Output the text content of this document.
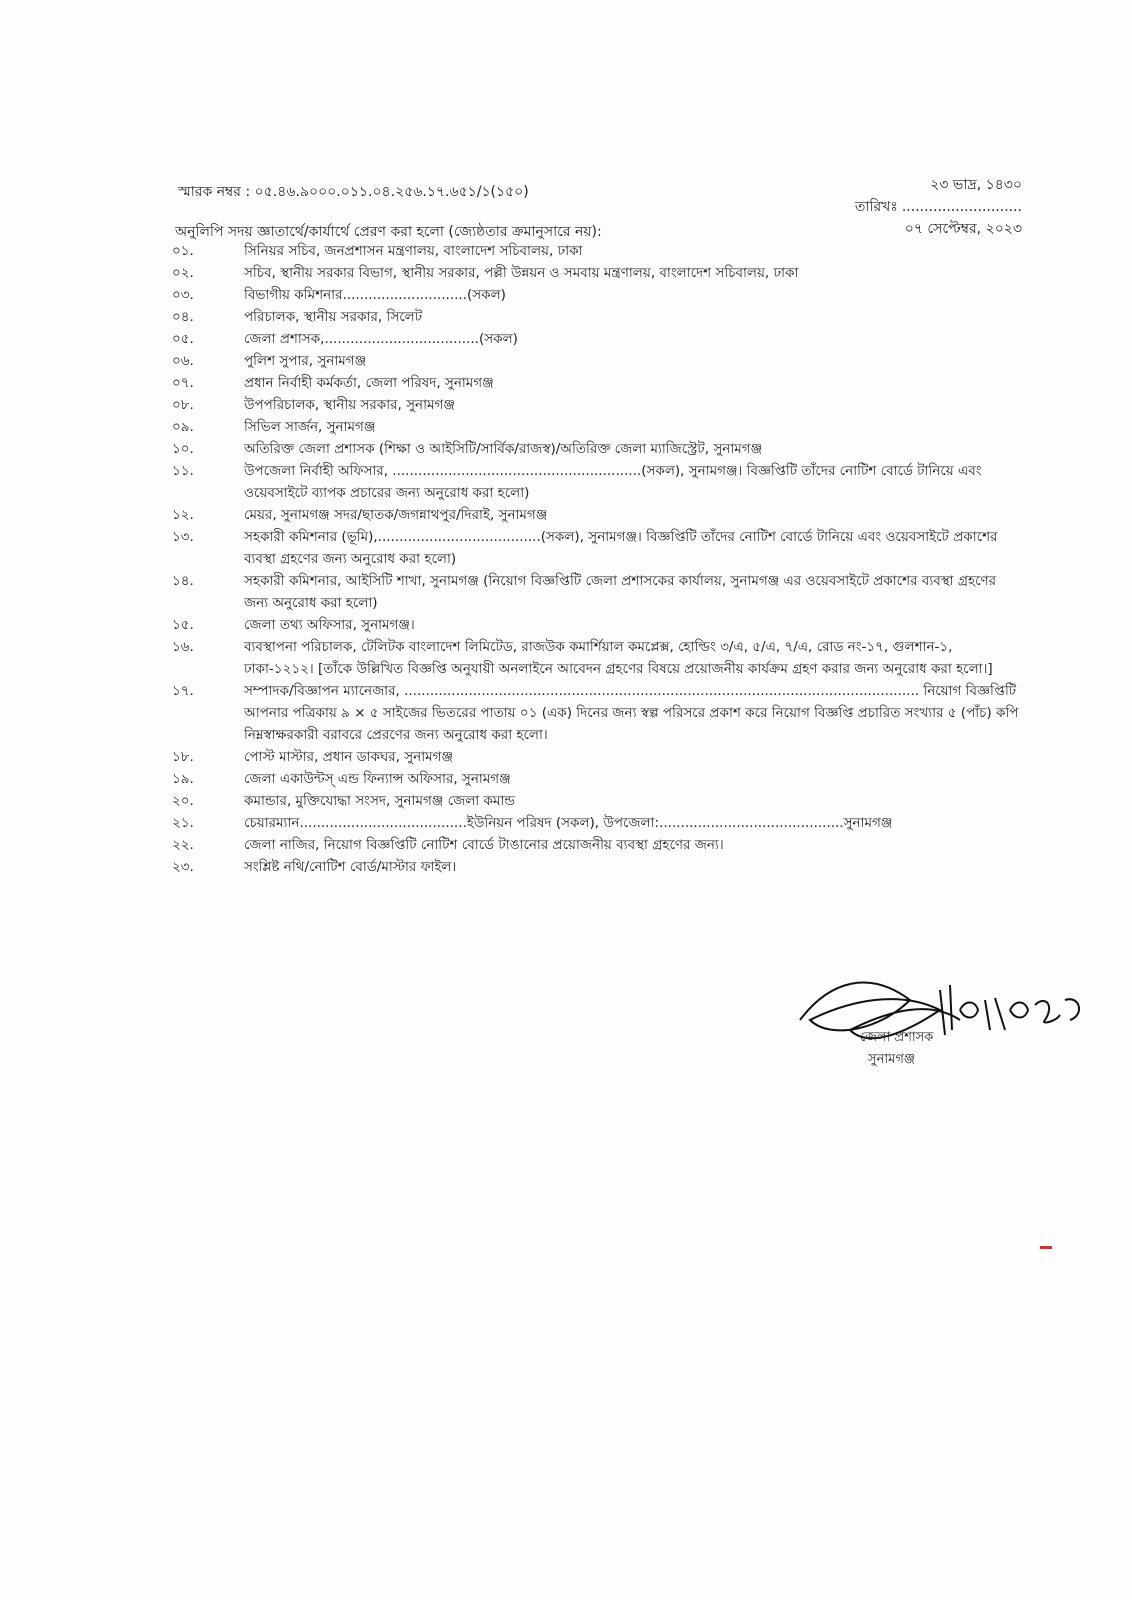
স্মারক নম্বর : ০৫.৪৬.৯০০০.০১১.০৪.২৫৬.১৭.৬৫১/১(১৫০)	২৩ ভাদ্র, ১৪৩০
তারিখঃ ...........................
০৭ সেপ্টেম্বর, ২০২৩
অনুলিপি সদয় জ্ঞাতার্থে/কার্যার্থে প্রেরণ করা হলো (জ্যেষ্ঠতার ক্রমানুসারে নয়):
০১.	সিনিয়র সচিব, জনপ্রশাসন মন্ত্রণালয়, বাংলাদেশ সচিবালয়, ঢাকা
০২.	সচিব, স্থানীয় সরকার বিভাগ, স্থানীয় সরকার, পল্লী উন্নয়ন ও সমবায় মন্ত্রণালয়, বাংলাদেশ সচিবালয়, ঢাকা
০৩.	বিভাগীয় কমিশনার.............................(সকল)
০৪.	পরিচালক, স্থানীয় সরকার, সিলেট
০৫.	জেলা প্রশাসক,....................................(সকল)
০৬.	পুলিশ সুপার, সুনামগঞ্জ
০৭.	প্রধান নির্বাহী কর্মকর্তা, জেলা পরিষদ, সুনামগঞ্জ
০৮.	উপপরিচালক, স্থানীয় সরকার, সুনামগঞ্জ
০৯.	সিভিল সার্জন, সুনামগঞ্জ
১০.	অতিরিক্ত জেলা প্রশাসক (শিক্ষা ও আইসিটি/সার্বিক/রাজস্ব)/অতিরিক্ত জেলা ম্যাজিস্ট্রেট, সুনামগঞ্জ
১১.	উপজেলা নির্বাহী অফিসার, ..........................................................(সকল), সুনামগঞ্জ। বিজ্ঞপ্তিটি তাঁদের নোটিশ বোর্ডে টানিয়ে এবং ওয়েবসাইটে ব্যাপক প্রচারের জন্য অনুরোধ করা হলো)
১২.	মেয়র, সুনামগঞ্জ সদর/ছাতক/জগন্নাথপুর/দিরাই, সুনামগঞ্জ
১৩.	সহকারী কমিশনার (ভূমি),......................................(সকল), সুনামগঞ্জ। বিজ্ঞপ্তিটি তাঁদের নোটিশ বোর্ডে টানিয়ে এবং ওয়েবসাইটে প্রকাশের ব্যবস্থা গ্রহণের জন্য অনুরোধ করা হলো)
১৪.	সহকারী কমিশনার, আইসিটি শাখা, সুনামগঞ্জ (নিয়োগ বিজ্ঞপ্তিটি জেলা প্রশাসকের কার্যালয়, সুনামগঞ্জ এর ওয়েবসাইটে প্রকাশের ব্যবস্থা গ্রহণের জন্য অনুরোধ করা হলো)
১৫.	জেলা তথ্য অফিসার, সুনামগঞ্জ।
১৬.	ব্যবস্থাপনা পরিচালক, টেলিটক বাংলাদেশ লিমিটেড, রাজউক কমার্শিয়াল কমপ্লেক্স, হোল্ডিং ৩/এ, ৫/এ, ৭/এ, রোড নং-১৭, গুলশান-১, ঢাকা-১২১২। [তাঁকে উল্লিখিত বিজ্ঞপ্তি অনুযায়ী অনলাইনে আবেদন গ্রহণের বিষয়ে প্রয়োজনীয় কার্যক্রম গ্রহণ করার জন্য অনুরোধ করা হলো।]
১৭.	সম্পাদক/বিজ্ঞাপন ম্যানেজার, ........................................................................................................................ নিয়োগ বিজ্ঞপ্তিটি আপনার পত্রিকায় ৯ × ৫ সাইজের ভিতরের পাতায় ০১ (এক) দিনের জন্য স্বল্প পরিসরে প্রকাশ করে নিয়োগ বিজ্ঞপ্তি প্রচারিত সংখ্যার ৫ (পাঁচ) কপি নিম্নস্বাক্ষরকারী বরাবরে প্রেরণের জন্য অনুরোধ করা হলো।
১৮.	পোস্ট মাস্টার, প্রধান ডাকঘর, সুনামগঞ্জ
১৯.	জেলা একাউন্টস্ এন্ড ফিন্যান্স অফিসার, সুনামগঞ্জ
২০.	কমান্ডার, মুক্তিযোদ্ধা সংসদ, সুনামগঞ্জ জেলা কমান্ড
২১.	চেয়ারম্যান.......................................ইউনিয়ন পরিষদ (সকল), উপজেলা:...........................................সুনামগঞ্জ
২২.	জেলা নাজির, নিয়োগ বিজ্ঞপ্তিটি নোটিশ বোর্ডে টাঙানোর প্রয়োজনীয় ব্যবস্থা গ্রহণের জন্য।
২৩.	সংশ্লিষ্ট নথি/নোটিশ বোর্ড/মাস্টার ফাইল।
জেলা প্রশাসক
সুনামগঞ্জ
